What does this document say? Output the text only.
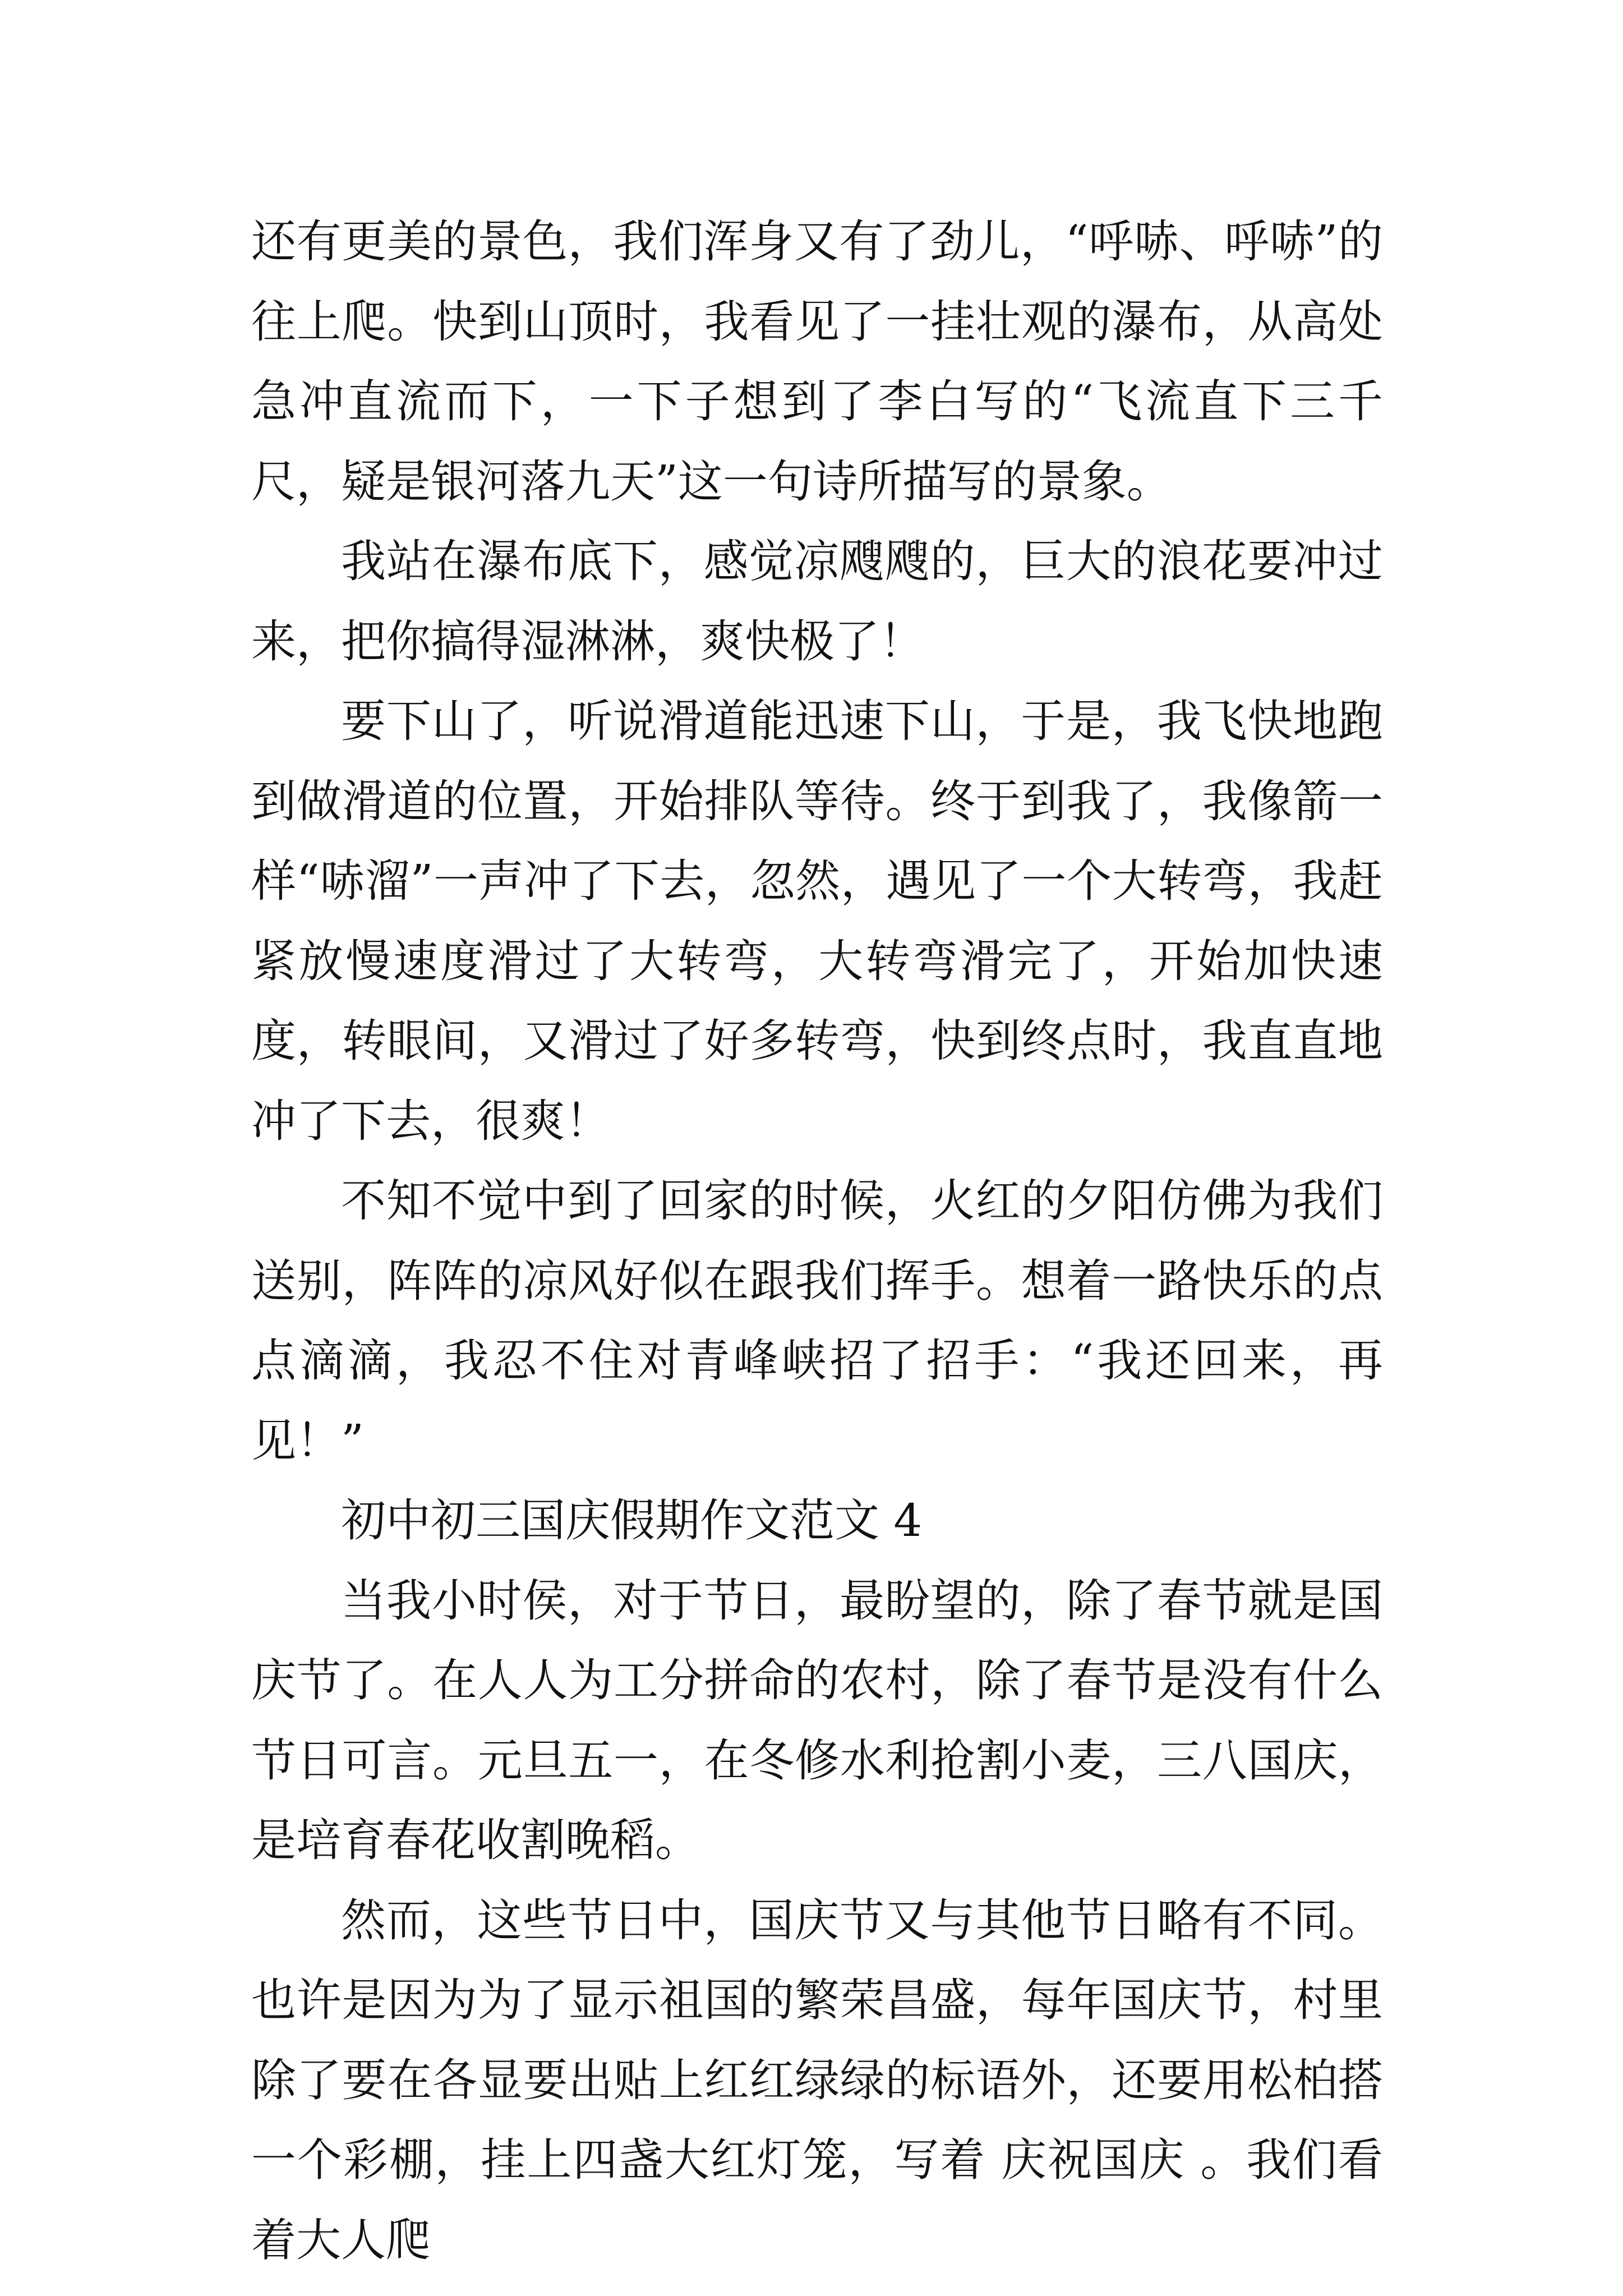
还有更美的景色，我们浑身又有了劲儿，“呼哧、呼哧”的往上爬。快到山顶时，我看见了一挂壮观的瀑布，从高处急冲直流而下，一下子想到了李白写的“飞流直下三千尺，疑是银河落九天”这一句诗所描写的景象。

我站在瀑布底下，感觉凉飕飕的，巨大的浪花要冲过来，把你搞得湿淋淋，爽快极了！

要下山了，听说滑道能迅速下山，于是，我飞快地跑到做滑道的位置，开始排队等待。终于到我了，我像箭一样“哧溜”一声冲了下去，忽然，遇见了一个大转弯，我赶紧放慢速度滑过了大转弯，大转弯滑完了，开始加快速度，转眼间，又滑过了好多转弯，快到终点时，我直直地冲了下去，很爽！

不知不觉中到了回家的时候，火红的夕阳仿佛为我们送别，阵阵的凉风好似在跟我们挥手。想着一路快乐的点点滴滴，我忍不住对青峰峡招了招手：“我还回来，再见！”

初中初三国庆假期作文范文 4

当我小时侯，对于节日，最盼望的，除了春节就是国庆节了。在人人为工分拼命的农村，除了春节是没有什么节日可言。元旦五一，在冬修水利抢割小麦，三八国庆，是培育春花收割晚稻。

然而，这些节日中，国庆节又与其他节日略有不同。也许是因为为了显示祖国的繁荣昌盛，每年国庆节，村里除了要在各显要出贴上红红绿绿的标语外，还要用松柏搭一个彩棚，挂上四盏大红灯笼，写着 庆祝国庆 。我们看着大人爬
